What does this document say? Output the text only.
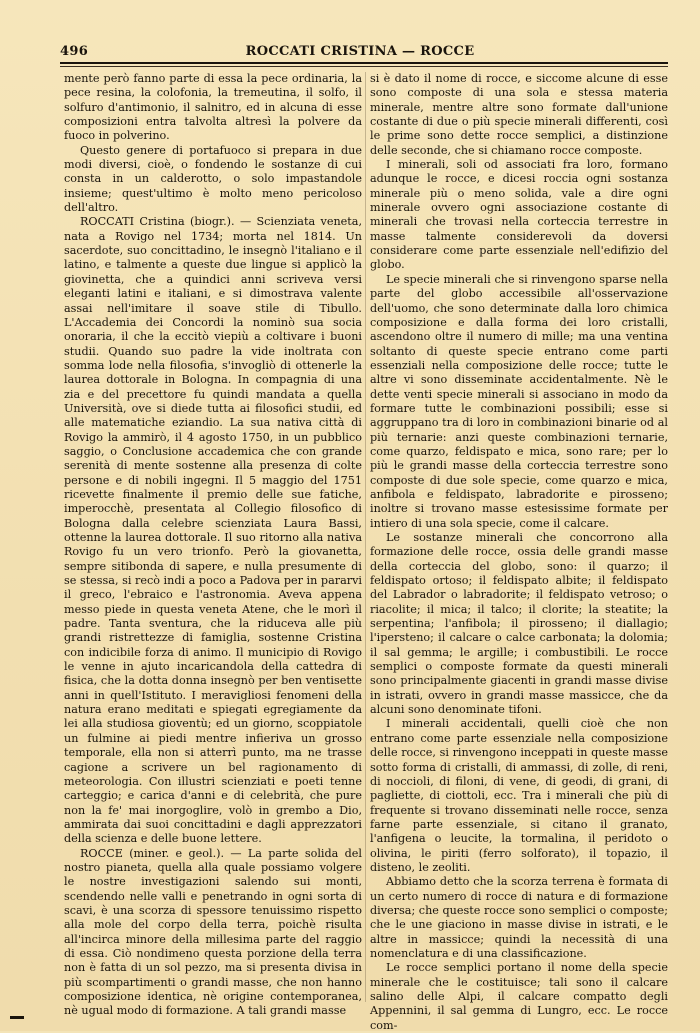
496	ROCCATI CRISTINA — ROCCE

mente però fanno parte di essa la pece ordinaria, la pece resina, la colofonia, la tremeutina, il solfo, il solfuro d'antimonio, il salnitro, ed in alcuna di esse composizioni entra talvolta altresì la polvere da fuoco in polverino.

Questo genere di portafuoco si prepara in due modi diversi, cioè, o fondendo le sostanze di cui consta in un calderotto, o solo impastandole insieme; quest'ultimo è molto meno pericoloso dell'altro.

ROCCATI Cristina (biogr.). — Scienziata veneta, nata a Rovigo nel 1734; morta nel 1814. Un sacerdote, suo concittadino, le insegnò l'italiano e il latino, e talmente a queste due lingue si applicò la giovinetta, che a quindici anni scriveva versi eleganti latini e italiani, e si dimostrava valente assai nell'imitare il soave stile di Tibullo. L'Accademia dei Concordi la nominò sua socia onoraria, il che la eccitò viepiù a coltivare i buoni studii. Quando suo padre la vide inoltrata con somma lode nella filosofia, s'invogliò di ottenerle la laurea dottorale in Bologna. In compagnia di una zia e del precettore fu quindi mandata a quella Università, ove si diede tutta ai filosofici studii, ed alle matematiche eziandio. La sua nativa città di Rovigo la ammirò, il 4 agosto 1750, in un pubblico saggio, o Conclusione accademica che con grande serenità di mente sostenne alla presenza di colte persone e di nobili ingegni. Il 5 maggio del 1751 ricevette finalmente il premio delle sue fatiche, imperocchè, presentata al Collegio filosofico di Bologna dalla celebre scienziata Laura Bassi, ottenne la laurea dottorale. Il suo ritorno alla nativa Rovigo fu un vero trionfo. Però la giovanetta, sempre sitibonda di sapere, e nulla presumente di se stessa, si recò indi a poco a Padova per in pararvi il greco, l'ebraico e l'astronomia. Aveva appena messo piede in questa veneta Atene, che le morì il padre. Tanta sventura, che la riduceva alle più grandi ristrettezze di famiglia, sostenne Cristina con indicibile forza di animo. Il municipio di Rovigo le venne in ajuto incaricandola della cattedra di fisica, che la dotta donna insegnò per ben ventisette anni in quell'Istituto. I meravigliosi fenomeni della natura erano meditati e spiegati egregiamente da lei alla studiosa gioventù; ed un giorno, scoppiatole un fulmine ai piedi mentre infieriva un grosso temporale, ella non si atterrì punto, ma ne trasse cagione a scrivere un bel ragionamento di meteorologia. Con illustri scienziati e poeti tenne carteggio; e carica d'anni e di celebrità, che pure non la fe' mai inorgoglire, volò in grembo a Dio, ammirata dai suoi concittadini e dagli apprezzatori della scienza e delle buone lettere.

ROCCE (miner. e geol.). — La parte solida del nostro pianeta, quella alla quale possiamo volgere le nostre investigazioni salendo sui monti, scendendo nelle valli e penetrando in ogni sorta di scavi, è una scorza di spessore tenuissimo rispetto alla mole del corpo della terra, poichè risulta all'incirca minore della millesima parte del raggio di essa. Ciò nondimeno questa porzione della terra non è fatta di un sol pezzo, ma si presenta divisa in più scompartimenti o grandi masse, che non hanno composizione identica, nè origine contemporanea, nè ugual modo di formazione. A tali grandi masse

si è dato il nome di rocce, e siccome alcune di esse sono composte di una sola e stessa materia minerale, mentre altre sono formate dall'unione costante di due o più specie minerali differenti, così le prime sono dette rocce semplici, a distinzione delle seconde, che si chiamano rocce composte.

I minerali, soli od associati fra loro, formano adunque le rocce, e dicesi roccia ogni sostanza minerale più o meno solida, vale a dire ogni minerale ovvero ogni associazione costante di minerali che trovasi nella corteccia terrestre in masse talmente considerevoli da doversi considerare come parte essenziale nell'edifizio del globo.

Le specie minerali che si rinvengono sparse nella parte del globo accessibile all'osservazione dell'uomo, che sono determinate dalla loro chimica composizione e dalla forma dei loro cristalli, ascendono oltre il numero di mille; ma una ventina soltanto di queste specie entrano come parti essenziali nella composizione delle rocce; tutte le altre vi sono disseminate accidentalmente. Nè le dette venti specie minerali si associano in modo da formare tutte le combinazioni possibili; esse si aggruppano tra di loro in combinazioni binarie od al più ternarie: anzi queste combinazioni ternarie, come quarzo, feldispato e mica, sono rare; per lo più le grandi masse della corteccia terrestre sono composte di due sole specie, come quarzo e mica, anfibola e feldispato, labradorite e pirosseno; inoltre si trovano masse estesissime formate per intiero di una sola specie, come il calcare.

Le sostanze minerali che concorrono alla formazione delle rocce, ossia delle grandi masse della corteccia del globo, sono: il quarzo; il feldispato ortoso; il feldispato albite; il feldispato del Labrador o labradorite; il feldispato vetroso; o riacolite; il mica; il talco; il clorite; la steatite; la serpentina; l'anfibola; il pirosseno; il diallagio; l'ipersteno; il calcare o calce carbonata; la dolomia; il sal gemma; le argille; i combustibili. Le rocce semplici o composte formate da questi minerali sono principalmente giacenti in grandi masse divise in istrati, ovvero in grandi masse massicce, che da alcuni sono denominate tifoni.

I minerali accidentali, quelli cioè che non entrano come parte essenziale nella composizione delle rocce, si rinvengono inceppati in queste masse sotto forma di cristalli, di ammassi, di zolle, di reni, di noccioli, di filoni, di vene, di geodi, di grani, di pagliette, di ciottoli, ecc. Tra i minerali che più di frequente si trovano disseminati nelle rocce, senza farne parte essenziale, si citano il granato, l'anfigena o leucite, la tormalina, il peridoto o olivina, le piriti (ferro solforato), il topazio, il disteno, le zeoliti.

Abbiamo detto che la scorza terrena è formata di un certo numero di rocce di natura e di formazione diversa; che queste rocce sono semplici o composte; che le une giaciono in masse divise in istrati, e le altre in massicce; quindi la necessità di una nomenclatura e di una classificazione.

Le rocce semplici portano il nome della specie minerale che le costituisce; tali sono il calcare salino delle Alpi, il calcare compatto degli Appennini, il sal gemma di Lungro, ecc. Le rocce com-
